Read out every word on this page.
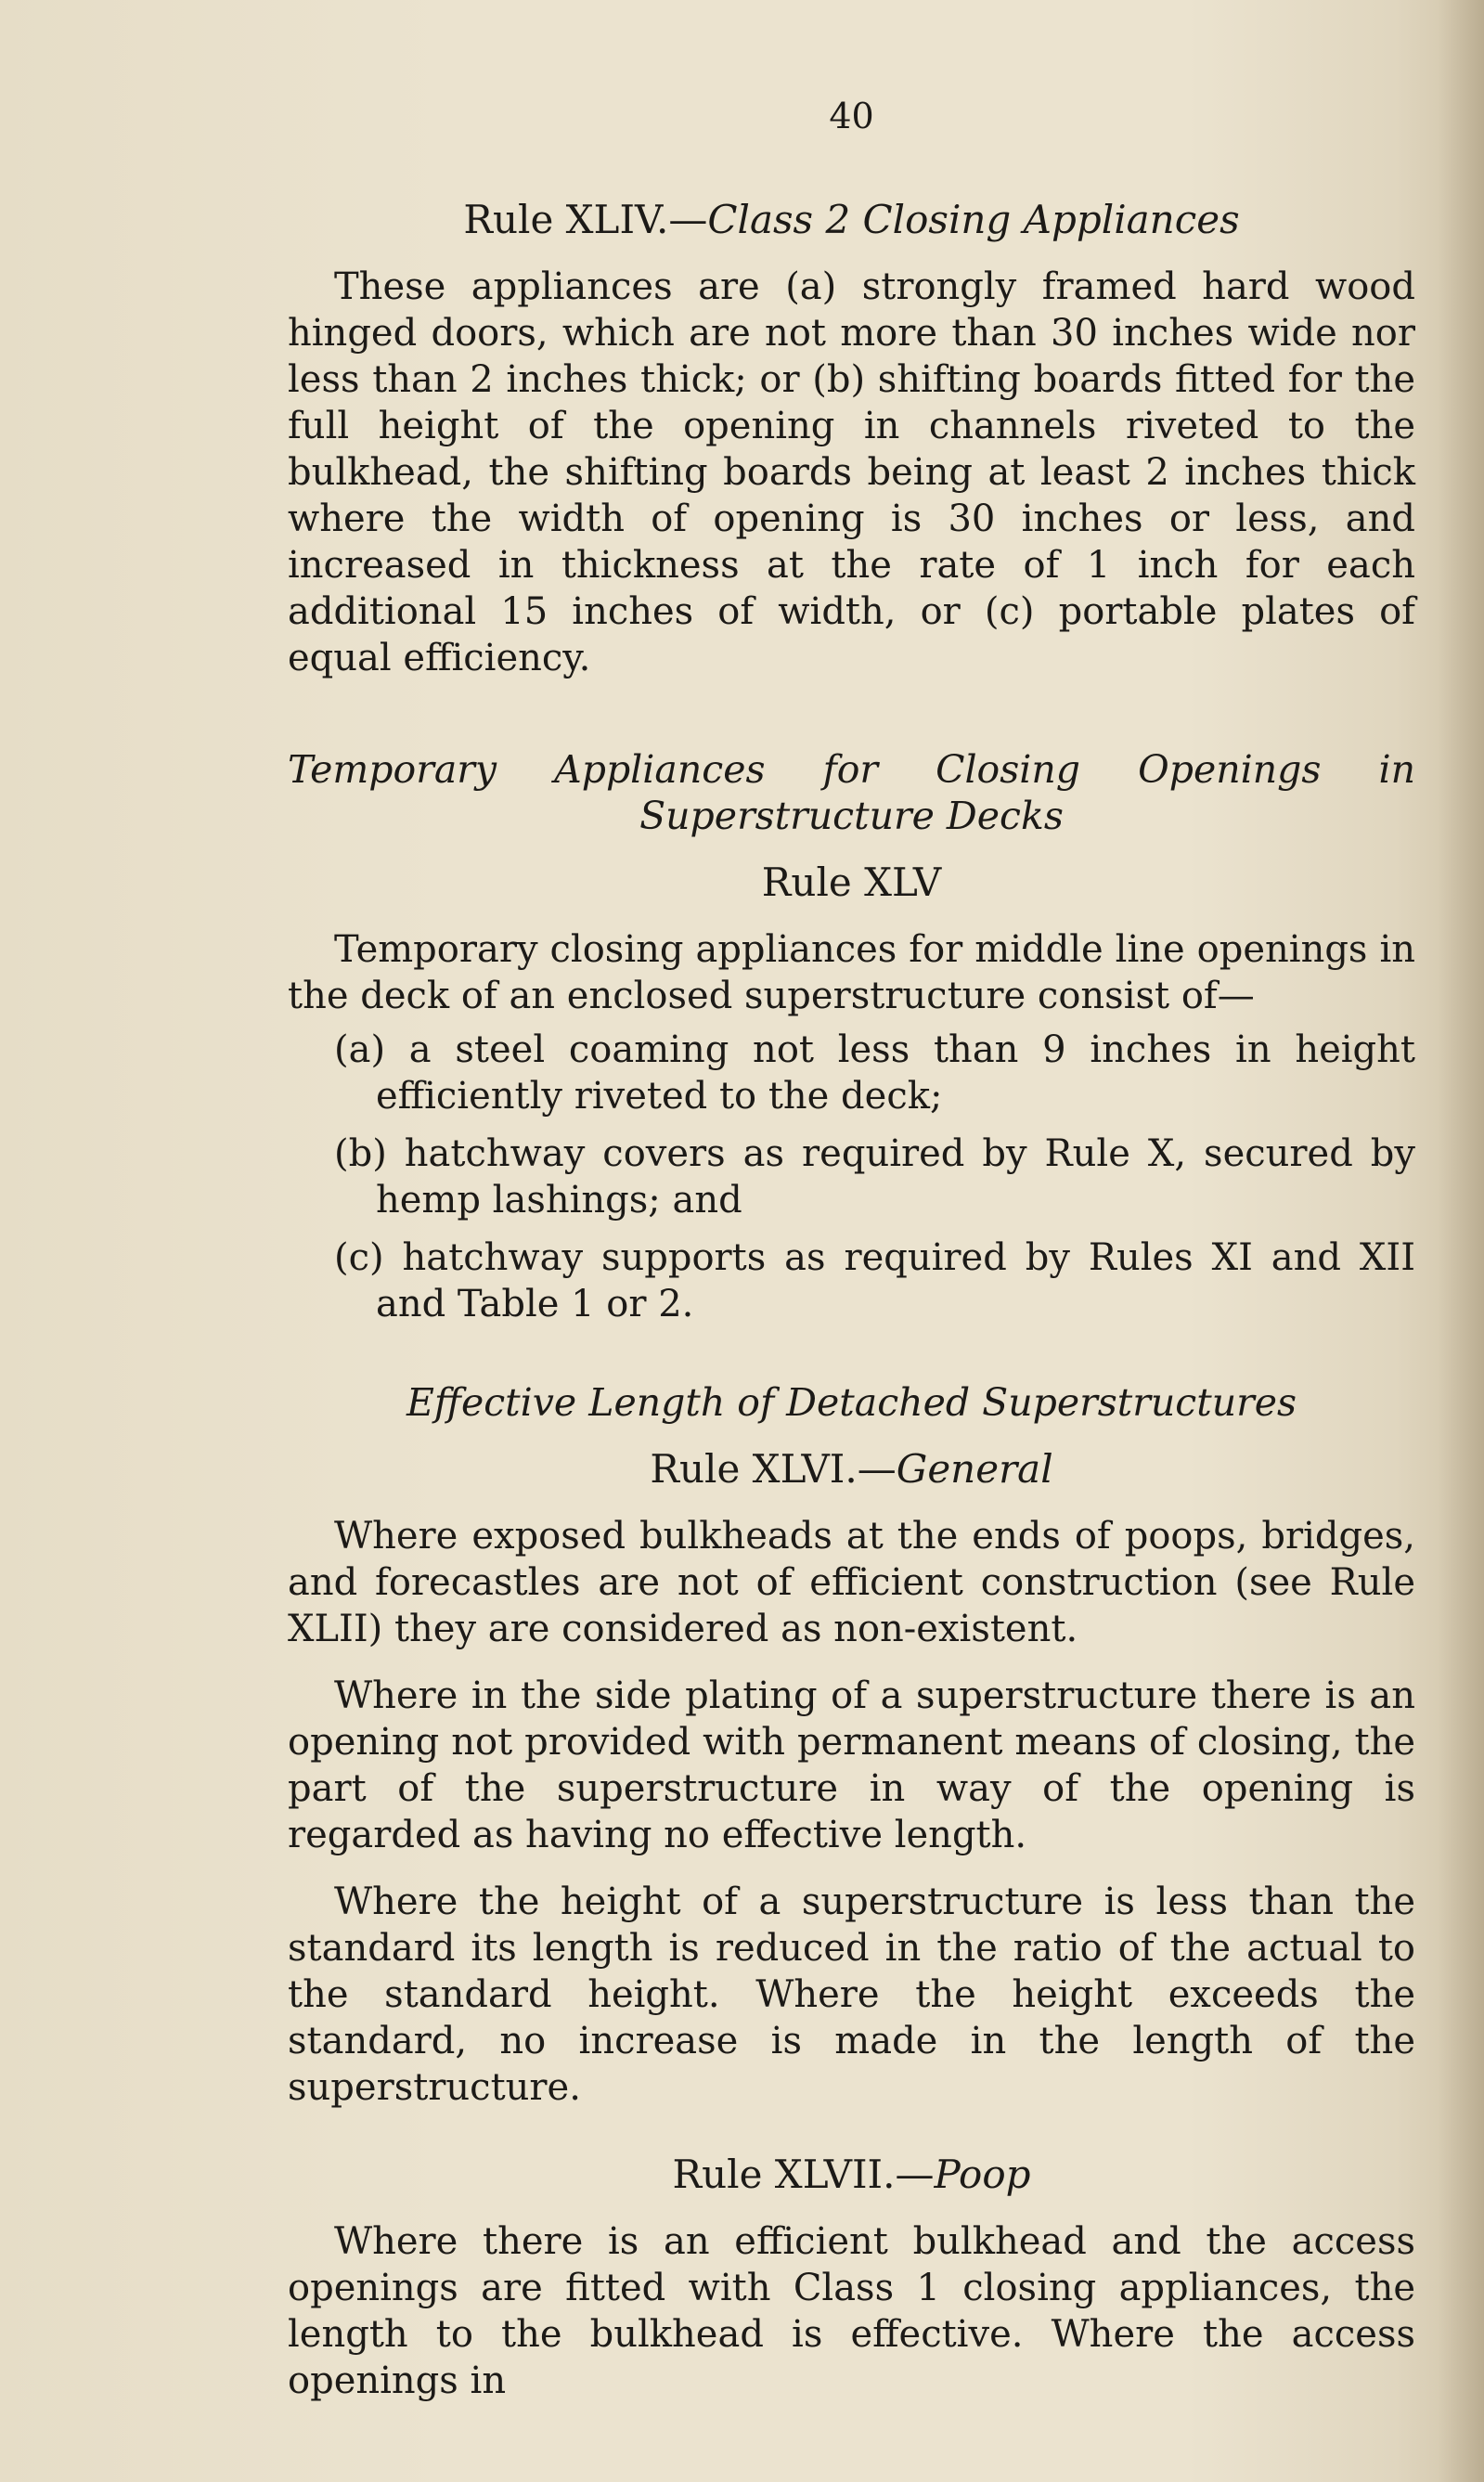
40
Rule XLIV.—Class 2 Closing Appliances

These appliances are (a) strongly framed hard wood hinged doors, which are not more than 30 inches wide nor less than 2 inches thick; or (b) shifting boards fitted for the full height of the opening in channels riveted to the bulkhead, the shifting boards being at least 2 inches thick where the width of opening is 30 inches or less, and increased in thickness at the rate of 1 inch for each additional 15 inches of width, or (c) portable plates of equal efficiency.

Temporary Appliances for Closing Openings in Superstructure Decks
Rule XLV

Temporary closing appliances for middle line openings in the deck of an enclosed superstructure consist of—

(a) a steel coaming not less than 9 inches in height efficiently riveted to the deck;
(b) hatchway covers as required by Rule X, secured by hemp lashings; and
(c) hatchway supports as required by Rules XI and XII and Table 1 or 2.
Effective Length of Detached Superstructures
Rule XLVI.—General

Where exposed bulkheads at the ends of poops, bridges, and forecastles are not of efficient construction (see Rule XLII) they are considered as non-existent.

Where in the side plating of a superstructure there is an opening not provided with permanent means of closing, the part of the superstructure in way of the opening is regarded as having no effective length.

Where the height of a superstructure is less than the standard its length is reduced in the ratio of the actual to the standard height. Where the height exceeds the standard, no increase is made in the length of the superstructure.

Rule XLVII.—Poop

Where there is an efficient bulkhead and the access openings are fitted with Class 1 closing appliances, the length to the bulkhead is effective. Where the access openings in
